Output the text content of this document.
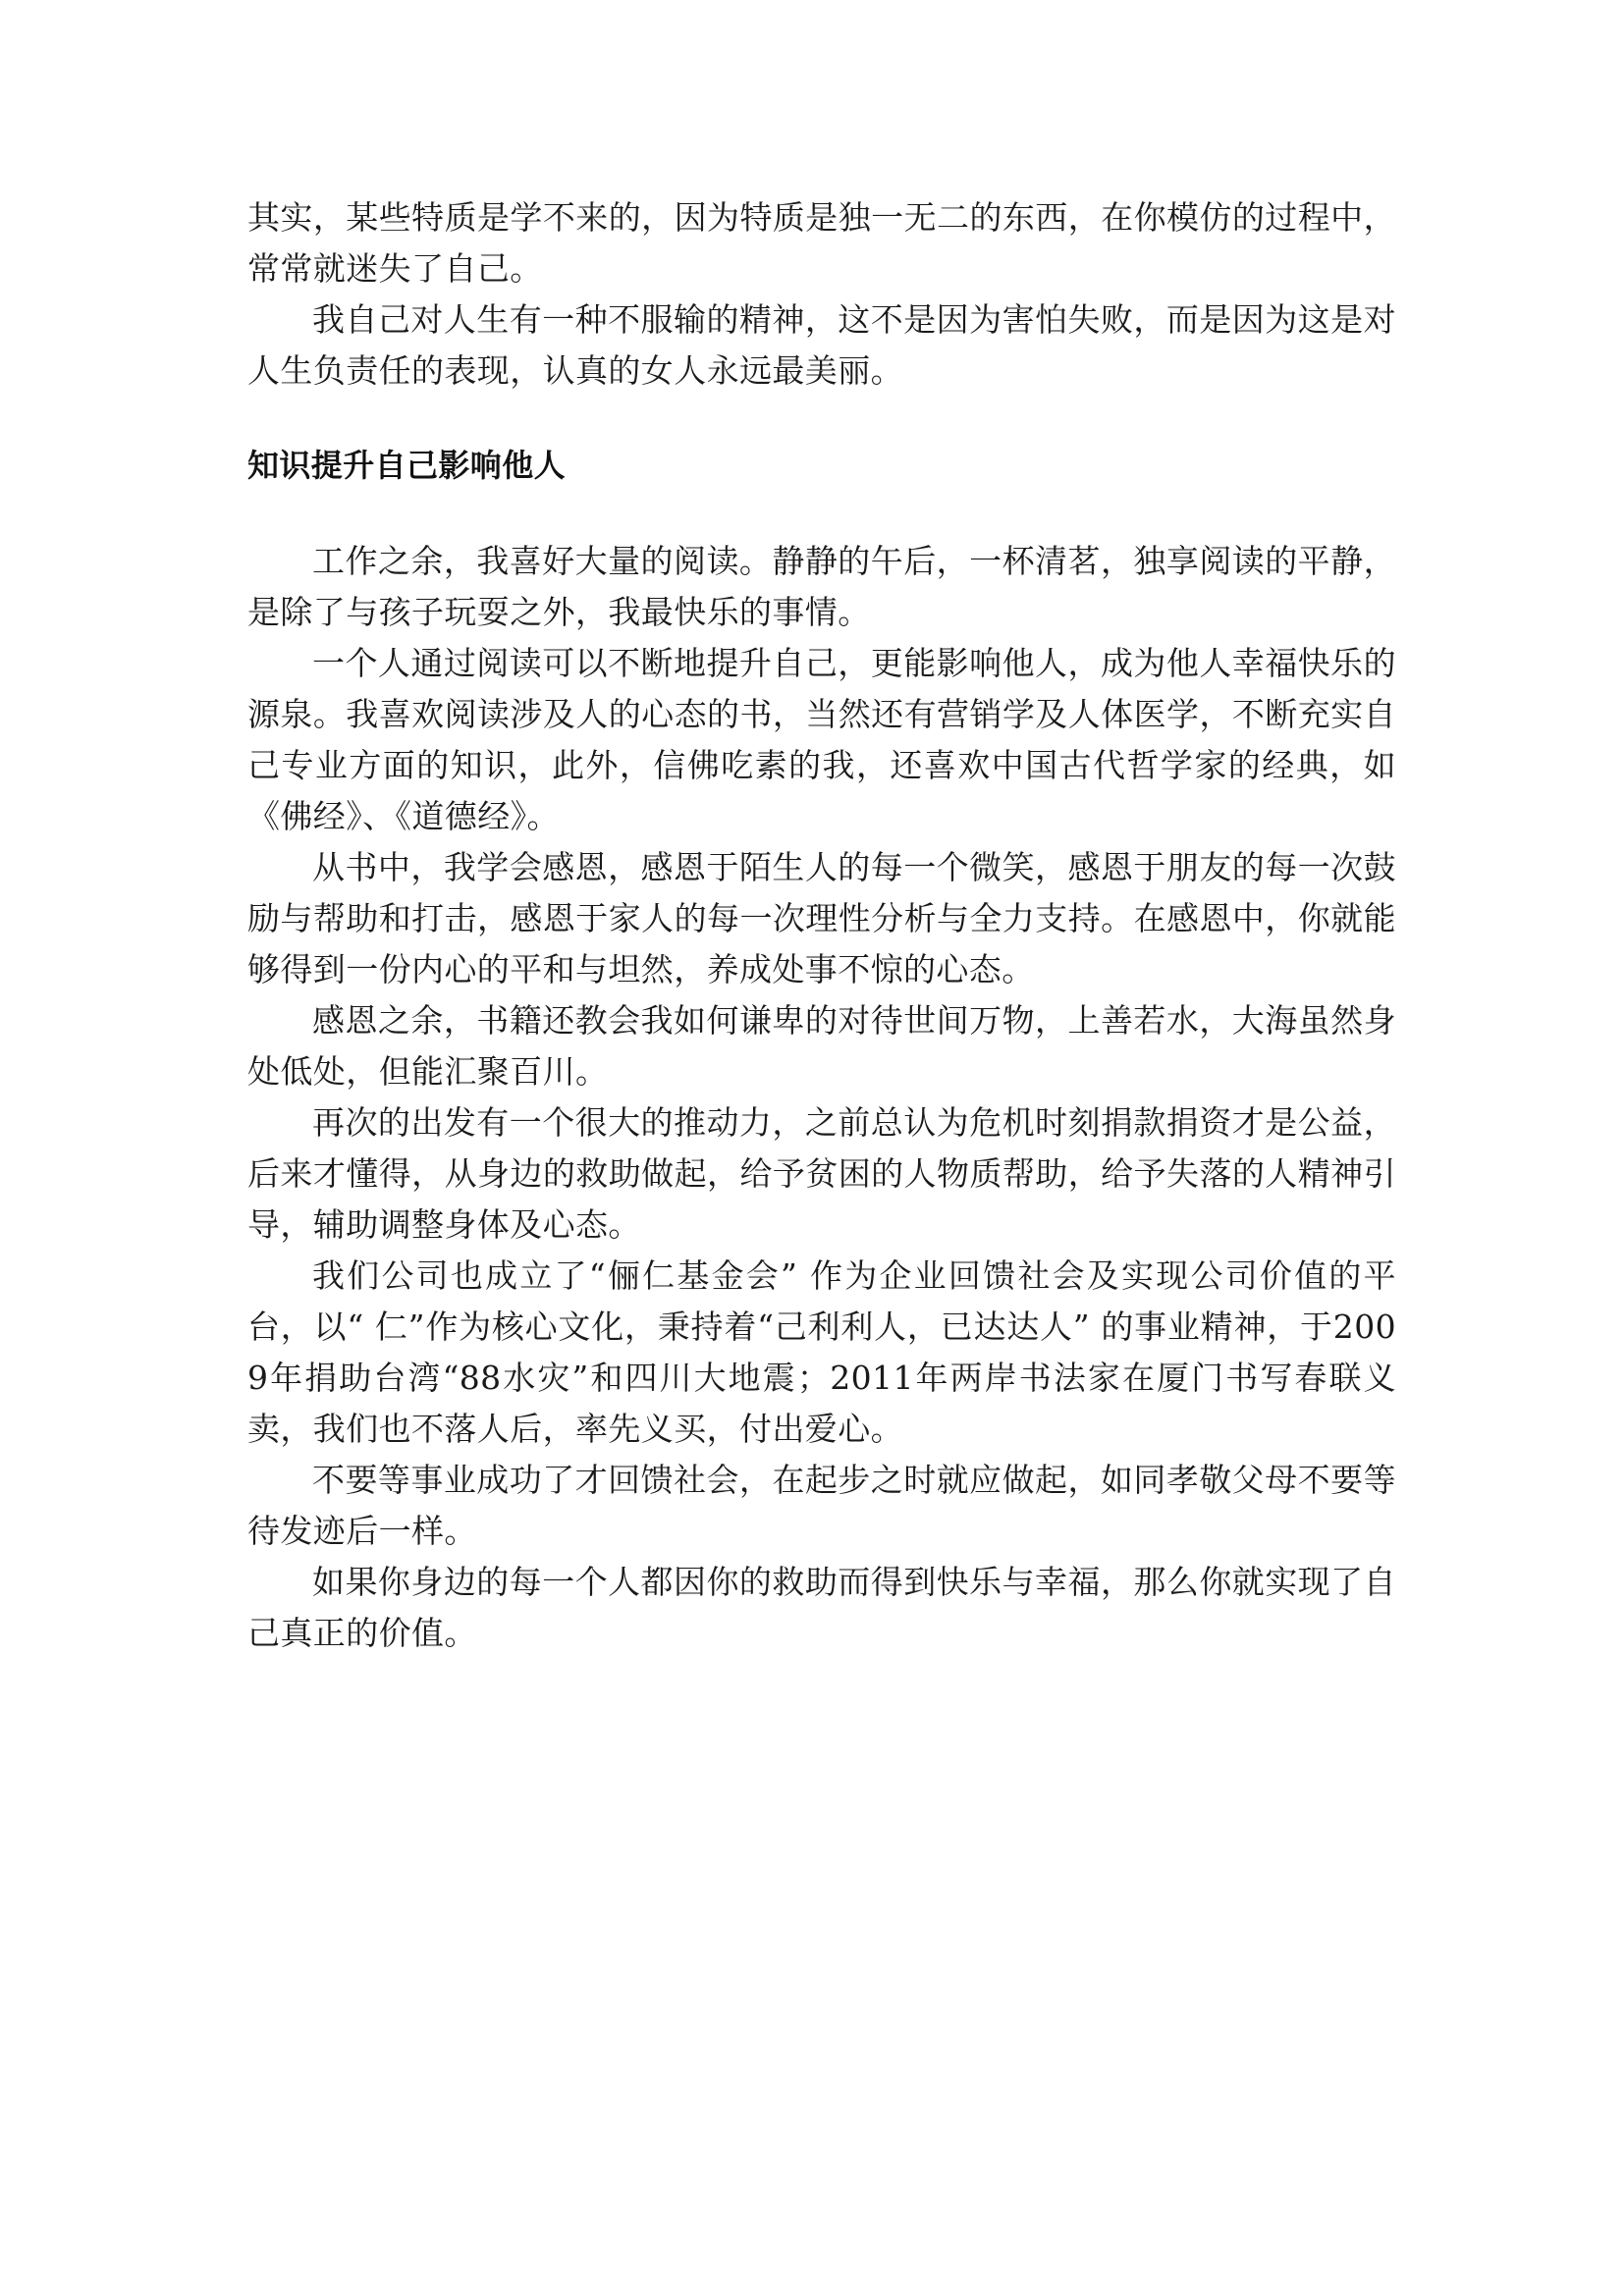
其实，某些特质是学不来的，因为特质是独一无二的东西，在你模仿的过程中，常常就迷失了自己。

我自己对人生有一种不服输的精神，这不是因为害怕失败，而是因为这是对人生负责任的表现，认真的女人永远最美丽。

知识提升自己影响他人

工作之余，我喜好大量的阅读。静静的午后，一杯清茗，独享阅读的平静，是除了与孩子玩耍之外，我最快乐的事情。

一个人通过阅读可以不断地提升自己，更能影响他人，成为他人幸福快乐的源泉。我喜欢阅读涉及人的心态的书，当然还有营销学及人体医学，不断充实自己专业方面的知识，此外，信佛吃素的我，还喜欢中国古代哲学家的经典，如《佛经》、《道德经》。

从书中，我学会感恩，感恩于陌生人的每一个微笑，感恩于朋友的每一次鼓励与帮助和打击，感恩于家人的每一次理性分析与全力支持。在感恩中，你就能够得到一份内心的平和与坦然，养成处事不惊的心态。

感恩之余，书籍还教会我如何谦卑的对待世间万物，上善若水，大海虽然身处低处，但能汇聚百川。

再次的出发有一个很大的推动力，之前总认为危机时刻捐款捐资才是公益，后来才懂得，从身边的救助做起，给予贫困的人物质帮助，给予失落的人精神引导，辅助调整身体及心态。

我们公司也成立了“俪仁基金会” 作为企业回馈社会及实现公司价值的平台，以“ 仁”作为核心文化，秉持着“己利利人，已达达人” 的事业精神，于2009年捐助台湾“88水灾”和四川大地震；2011年两岸书法家在厦门书写春联义卖，我们也不落人后，率先义买，付出爱心。

不要等事业成功了才回馈社会，在起步之时就应做起，如同孝敬父母不要等待发迹后一样。

如果你身边的每一个人都因你的救助而得到快乐与幸福，那么你就实现了自己真正的价值。
